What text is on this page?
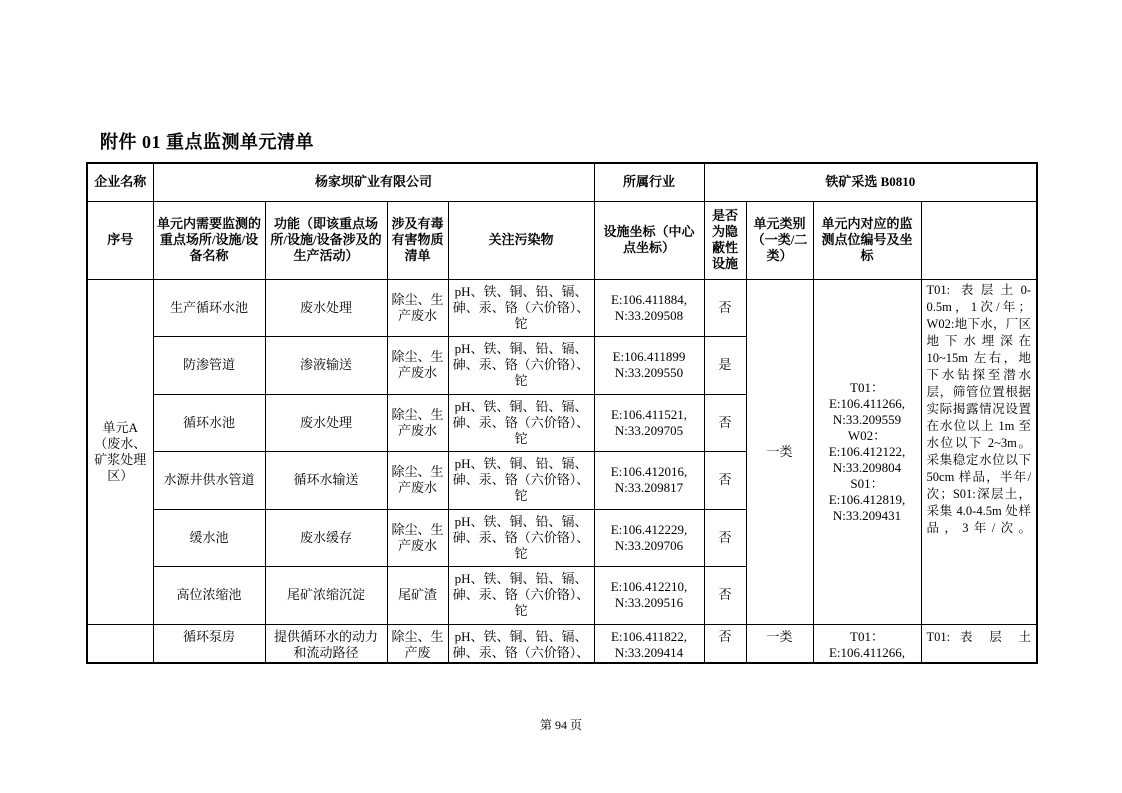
附件 01 重点监测单元清单
企业名称	杨家坝矿业有限公司				所属行业	铁矿采选 B0810			
序号	单元内需要监测的重点场所/设施/设备名称	功能（即该重点场所/设施/设备涉及的生产活动）	涉及有毒有害物质清单	关注污染物	设施坐标（中心点坐标）	是否为隐蔽性设施	单元类别（一类/二类）	单元内对应的监测点位编号及坐标	
单元A（废水、矿浆处理区）	生产循环水池	废水处理	除尘、生产废水	pH、铁、铜、铅、镉、砷、汞、铬（六价铬）、铊	E:106.411884, N:33.209508	否	一类	T01：E:106.411266, N:33.209559 W02：E:106.412122, N:33.209804 S01：E:106.412819, N:33.209431	T01: 表层土0-0.5m，1次/年；W02:地下水，厂区地下水埋深在 10~15m 左右，地下水钻探至潜水层，筛管位置根据实际揭露情况设置在水位以上 1m 至水位以下 2~3m。采集稳定水位以下 50cm 样品，半年/次；S01:深层土，采集 4.0-4.5m 处样品，3年/次。
	防渗管道	渗液输送	除尘、生产废水	pH、铁、铜、铅、镉、砷、汞、铬（六价铬）、铊	E:106.411899 N:33.209550	是			
	循环水池	废水处理	除尘、生产废水	pH、铁、铜、铅、镉、砷、汞、铬（六价铬）、铊	E:106.411521, N:33.209705	否			
	水源井供水管道	循环水输送	除尘、生产废水	pH、铁、铜、铅、镉、砷、汞、铬（六价铬）、铊	E:106.412016, N:33.209817	否			
	缓水池	废水缓存	除尘、生产废水	pH、铁、铜、铅、镉、砷、汞、铬（六价铬）、铊	E:106.412229, N:33.209706	否			
	高位浓缩池	尾矿浓缩沉淀	尾矿渣	pH、铁、铜、铅、镉、砷、汞、铬（六价铬）、铊	E:106.412210, N:33.209516	否			
	循环泵房	提供循环水的动力和流动路径	除尘、生产废	pH、铁、铜、铅、镉、砷、汞、铬（六价铬）、	E:106.411822, N:33.209414	否	一类	T01：E:106.411266,	T01: 表 层 土
第 94 页
